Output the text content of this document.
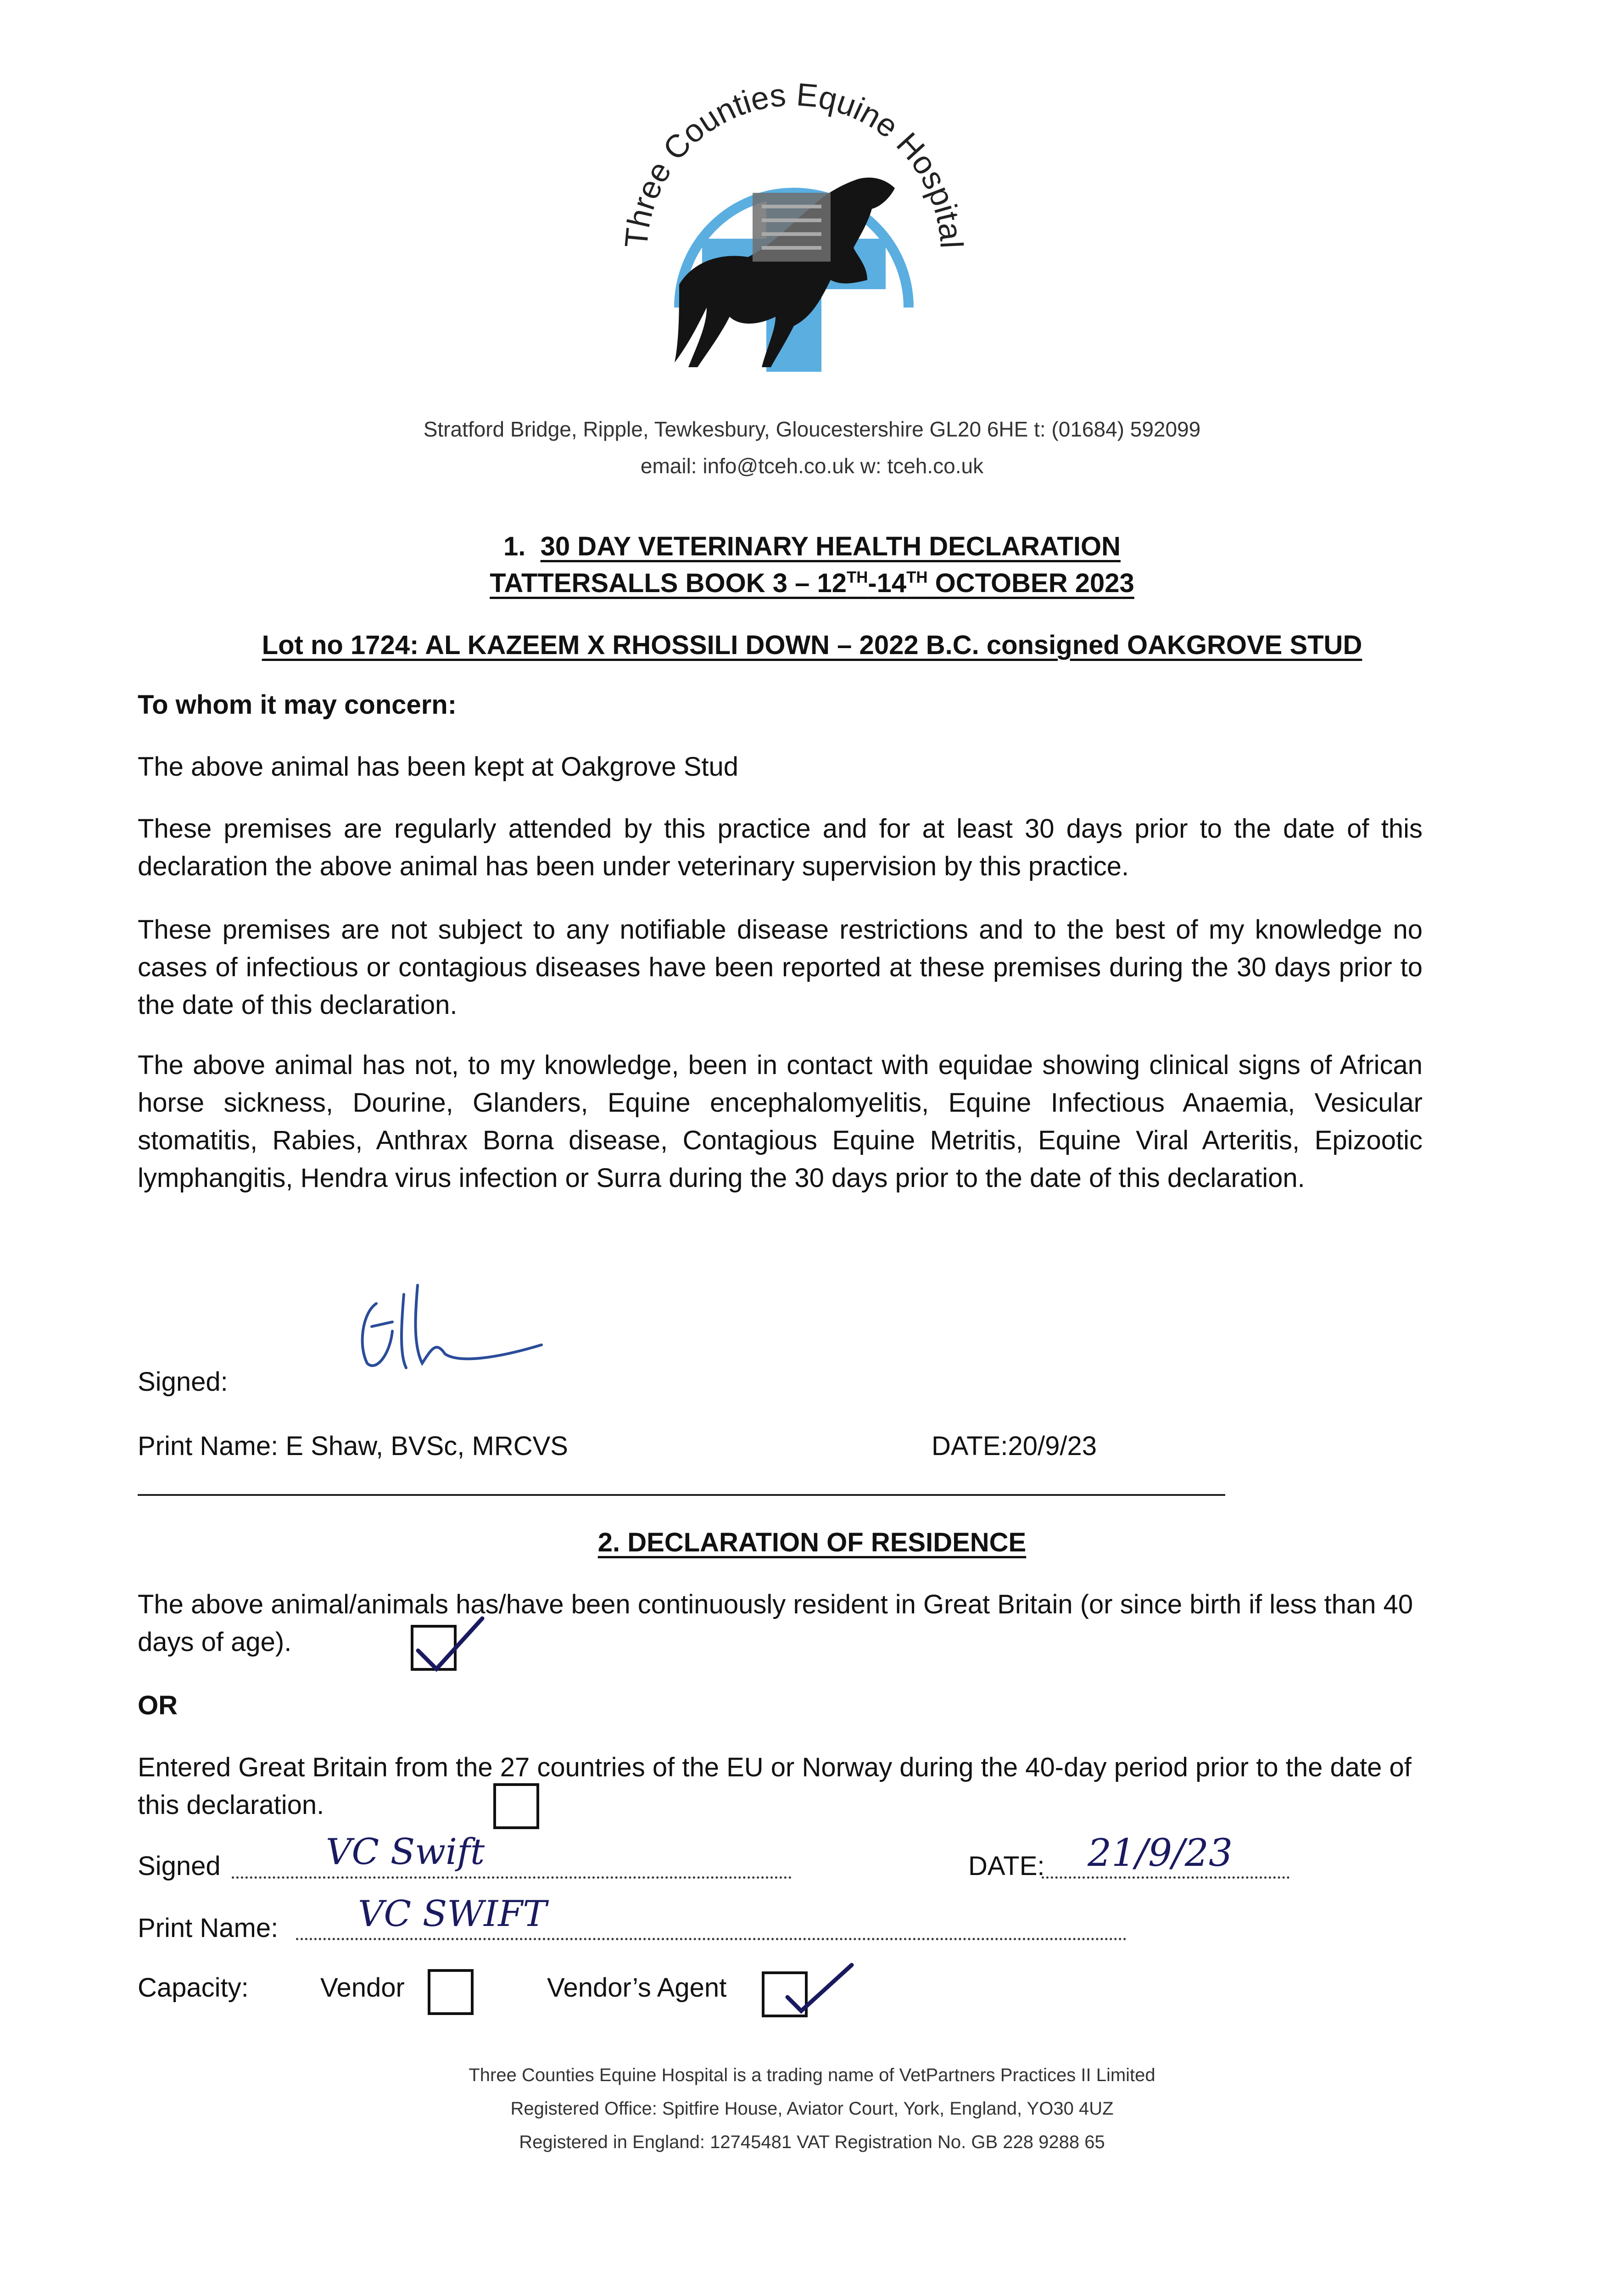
Three Counties Equine Hospital
Stratford Bridge, Ripple, Tewkesbury, Gloucestershire GL20 6HE t: (01684) 592099
email: info@tceh.co.uk w: tceh.co.uk
1. 30 DAY VETERINARY HEALTH DECLARATION
TATTERSALLS BOOK 3 – 12TH-14TH OCTOBER 2023
Lot no 1724: AL KAZEEM X RHOSSILI DOWN – 2022 B.C. consigned OAKGROVE STUD
To whom it may concern:
The above animal has been kept at Oakgrove Stud
These premises are regularly attended by this practice and for at least 30 days prior to the date of this declaration the above animal has been under veterinary supervision by this practice.
These premises are not subject to any notifiable disease restrictions and to the best of my knowledge no cases of infectious or contagious diseases have been reported at these premises during the 30 days prior to the date of this declaration.
The above animal has not, to my knowledge, been in contact with equidae showing clinical signs of African horse sickness, Dourine, Glanders, Equine encephalomyelitis, Equine Infectious Anaemia, Vesicular stomatitis, Rabies, Anthrax Borna disease, Contagious Equine Metritis, Equine Viral Arteritis, Epizootic lymphangitis, Hendra virus infection or Surra during the 30 days prior to the date of this declaration.
Signed:
Print Name: E Shaw, BVSc, MRCVS	DATE:20/9/23
2. DECLARATION OF RESIDENCE
The above animal/animals has/have been continuously resident in Great Britain (or since birth if less than 40 days of age).
OR
Entered Great Britain from the 27 countries of the EU or Norway during the 40-day period prior to the date of this declaration.
Signed	VC Swift	DATE: 21/9/23
Print Name: VC SWIFT
Capacity:	Vendor	Vendor’s Agent
Three Counties Equine Hospital is a trading name of VetPartners Practices II Limited
Registered Office: Spitfire House, Aviator Court, York, England, YO30 4UZ
Registered in England: 12745481 VAT Registration No. GB 228 9288 65
